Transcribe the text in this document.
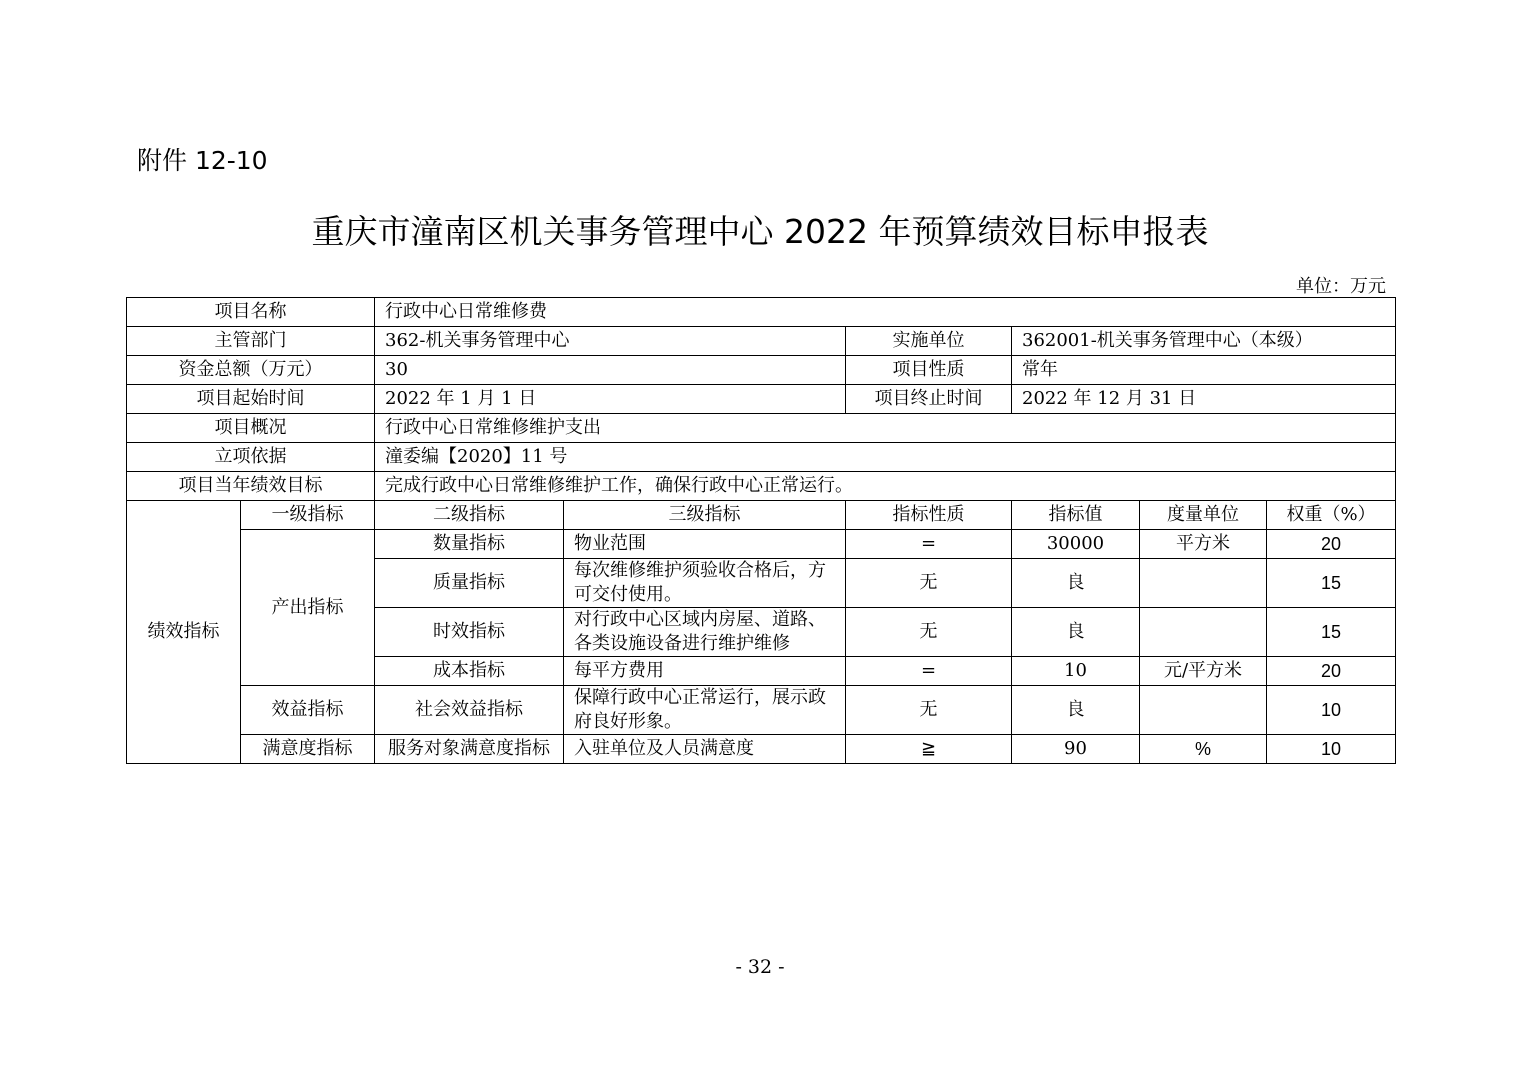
附件 12-10
重庆市潼南区机关事务管理中心 2022 年预算绩效目标申报表
单位：万元
项目名称		行政中心日常维修费					
主管部门		362-机关事务管理中心		实施单位	362001-机关事务管理中心（本级）		
资金总额（万元）		30		项目性质	常年		
项目起始时间		2022 年 1 月 1 日		项目终止时间	2022 年 12 月 31 日		
项目概况		行政中心日常维修维护支出					
立项依据		潼委编【2020】11 号					
项目当年绩效目标		完成行政中心日常维修维护工作，确保行政中心正常运行。					
绩效指标	一级指标	二级指标	三级指标	指标性质	指标值	度量单位	权重（%）
	产出指标	数量指标	物业范围	=	30000	平方米	20
		质量指标	每次维修维护须验收合格后，方可交付使用。	无	良		15
		时效指标	对行政中心区域内房屋、道路、各类设施设备进行维护维修	无	良		15
		成本指标	每平方费用	=	10	元/平方米	20
	效益指标	社会效益指标	保障行政中心正常运行，展示政府良好形象。	无	良		10
	满意度指标	服务对象满意度指标	入驻单位及人员满意度	≧	90	%	10
- 32 -
